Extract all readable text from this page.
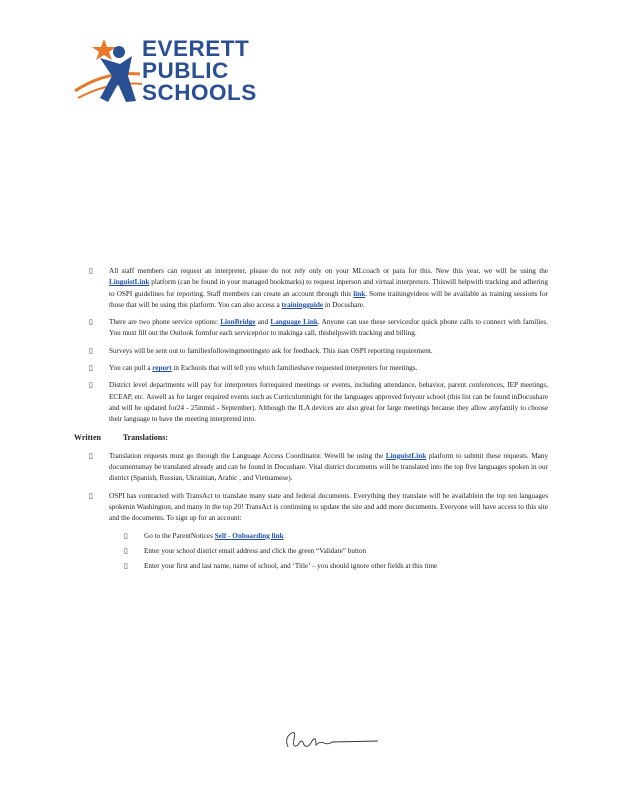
EVERETT
PUBLIC
SCHOOLS
▯ All staff members can request an interpreter, please do not rely only on your MLcoach or para for this. New this year, we will be using the LinguistLink platform (can be found in your managed bookmarks) to request inperson and virtual interpreters. Thiswill helpwith tracking and adhering to OSPI guidelines for reporting. Staff members can create an account through this link. Some trainingvideos will be available as training sessions for those that will be using this platform. You can also access a trainingguide in Docushare.
▯ There are two phone service options: LionBridge and Language Link. Anyone can use these servicesfor quick phone calls to connect with families. You must fill out the Outlook formfor each serviceprior to makinga call, thishelpswith tracking and billing.
▯ Surveys will be sent out to familiesfollowingmeetingsto ask for feedback. This isan OSPI reporting requirement.
▯ You can pull a report in Eschools that will tell you which familieshave requested interpreters for meetings.
▯ District level departments will pay for interpreters forrequired meetings or events, including attendance, behavior, parent conferences, IEP meetings, ECEAP, etc. Aswell as for larger required events such as Curriculumnight for the languages approved foryour school (this list can be found inDocushare and will be updated for24 - 25inmid - September). Although the ILA devices are also great for large meetings because they allow anyfamily to choose their language to have the meeting interpreted into.
Written Translations:
▯ Translation requests must go through the Language Access Coordinator. Wewill be using the LinguistLink platform to submit these requests. Many documentsmay be translated already and can be found in Docushare. Vital district documents will be translated into the top five languages spoken in our district (Spanish, Russian, Ukrainian, Arabic , and Vietnamese).
▯ OSPI has contracted with TransAct to translate many state and federal documents. Everything they translate will be availablein the top ten languages spokenin Washington, and many in the top 20! TransAct is continuing to update the site and add more documents. Everyone will have access to this site and the documents. To sign up for an account:
▯ Go to the ParentNotices Self - Onboarding link
▯ Enter your school district email address and click the green “Validate” button
▯ Enter your first and last name, name of school, and ‘Title’ – you should ignore other fields at this time
